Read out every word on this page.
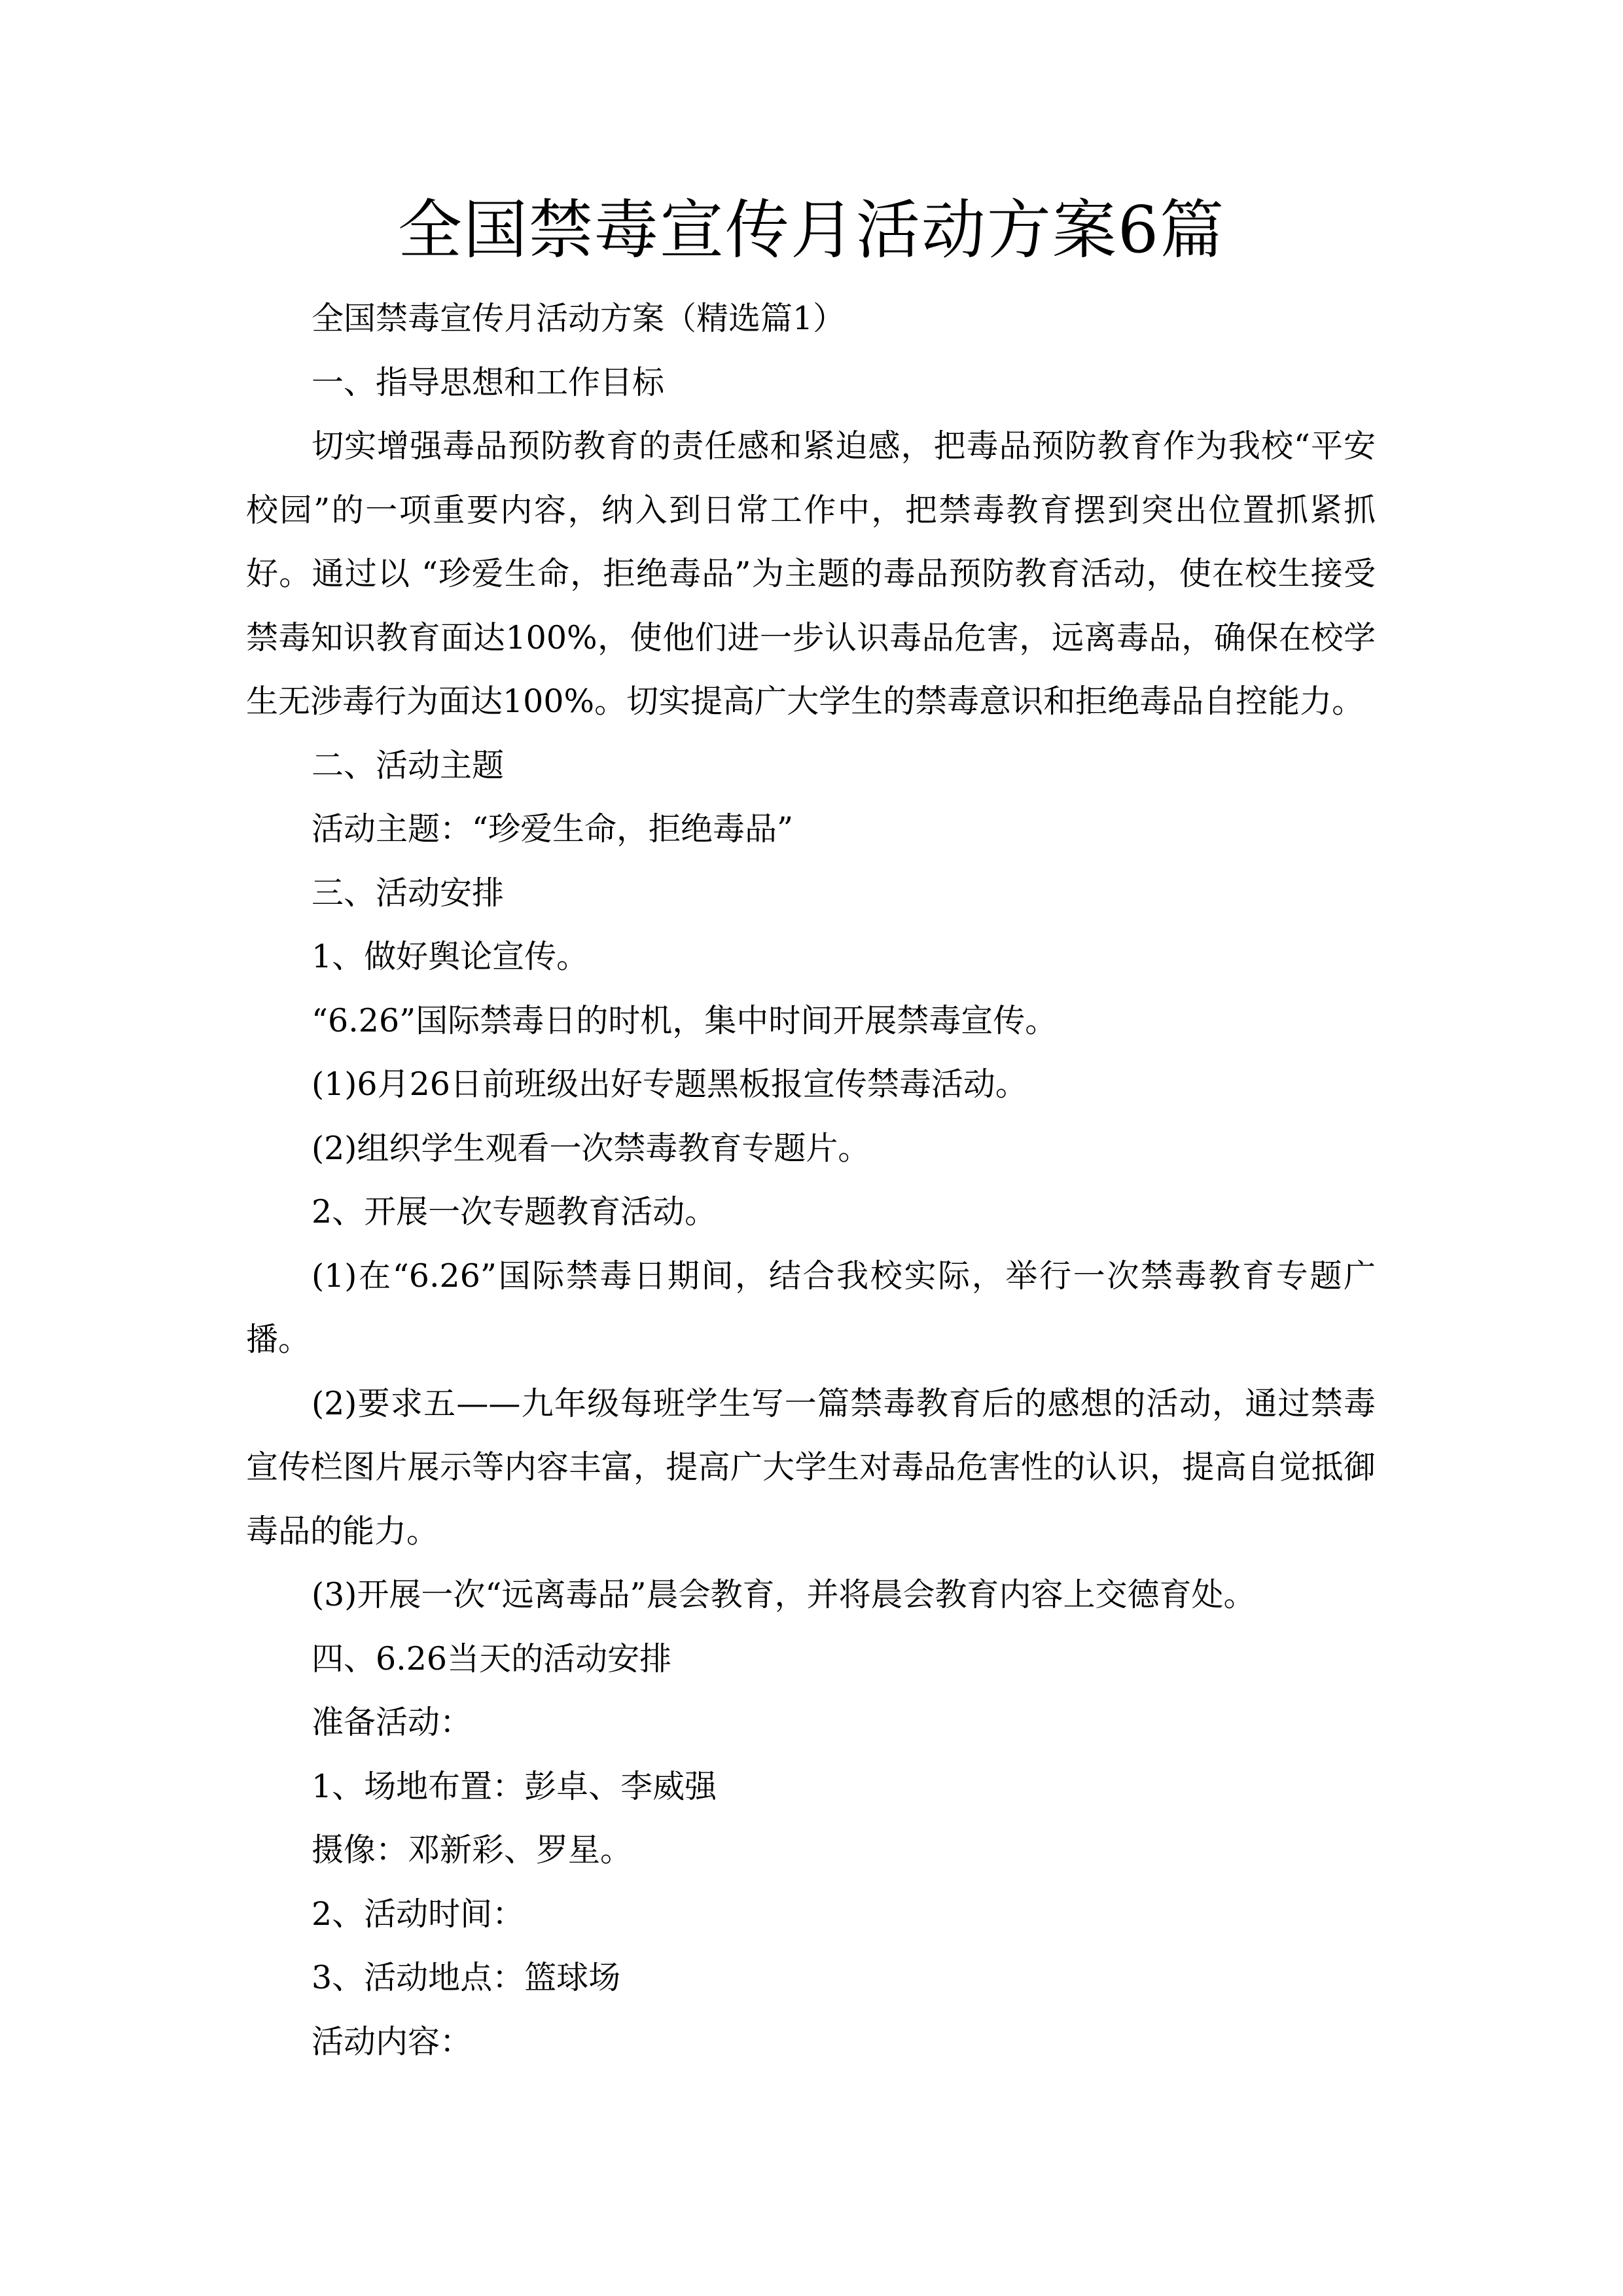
全国禁毒宣传月活动方案6篇

全国禁毒宣传月活动方案（精选篇1）

一、指导思想和工作目标

切实增强毒品预防教育的责任感和紧迫感，把毒品预防教育作为我校“平安校园”的一项重要内容，纳入到日常工作中，把禁毒教育摆到突出位置抓紧抓好。通过以 “珍爱生命，拒绝毒品”为主题的毒品预防教育活动，使在校生接受禁毒知识教育面达100%，使他们进一步认识毒品危害，远离毒品，确保在校学生无涉毒行为面达100%。切实提高广大学生的禁毒意识和拒绝毒品自控能力。

二、活动主题

活动主题：“珍爱生命，拒绝毒品”

三、活动安排

1、做好舆论宣传。

“6.26”国际禁毒日的时机，集中时间开展禁毒宣传。

(1)6月26日前班级出好专题黑板报宣传禁毒活动。

(2)组织学生观看一次禁毒教育专题片。

2、开展一次专题教育活动。

(1)在“6.26”国际禁毒日期间，结合我校实际，举行一次禁毒教育专题广播。

(2)要求五——九年级每班学生写一篇禁毒教育后的感想的活动，通过禁毒宣传栏图片展示等内容丰富，提高广大学生对毒品危害性的认识，提高自觉抵御毒品的能力。

(3)开展一次“远离毒品”晨会教育，并将晨会教育内容上交德育处。

四、6.26当天的活动安排

准备活动：

1、场地布置：彭卓、李威强

摄像：邓新彩、罗星。

2、活动时间：

3、活动地点：篮球场

活动内容：
